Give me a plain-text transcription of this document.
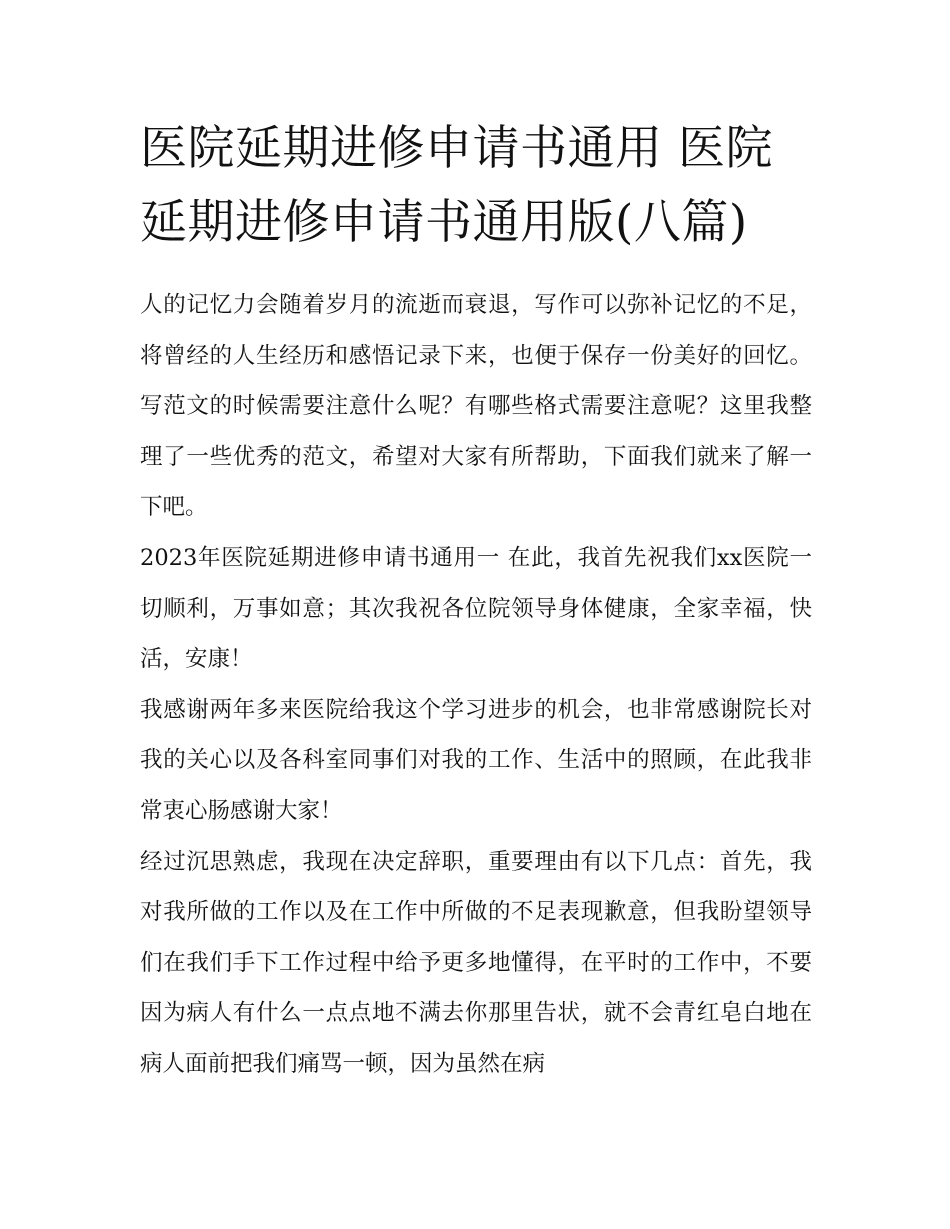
医院延期进修申请书通用 医院延期进修申请书通用版(八篇)

人的记忆力会随着岁月的流逝而衰退，写作可以弥补记忆的不足，将曾经的人生经历和感悟记录下来，也便于保存一份美好的回忆。写范文的时候需要注意什么呢？有哪些格式需要注意呢？这里我整理了一些优秀的范文，希望对大家有所帮助，下面我们就来了解一下吧。

2023年医院延期进修申请书通用一 在此，我首先祝我们xx医院一切顺利，万事如意；其次我祝各位院领导身体健康，全家幸福，快活，安康！

我感谢两年多来医院给我这个学习进步的机会，也非常感谢院长对我的关心以及各科室同事们对我的工作、生活中的照顾，在此我非常衷心肠感谢大家！

经过沉思熟虑，我现在决定辞职，重要理由有以下几点：首先，我对我所做的工作以及在工作中所做的不足表现歉意，但我盼望领导们在我们手下工作过程中给予更多地懂得，在平时的工作中，不要因为病人有什么一点点地不满去你那里告状，就不会青红皂白地在病人面前把我们痛骂一顿，因为虽然在病
